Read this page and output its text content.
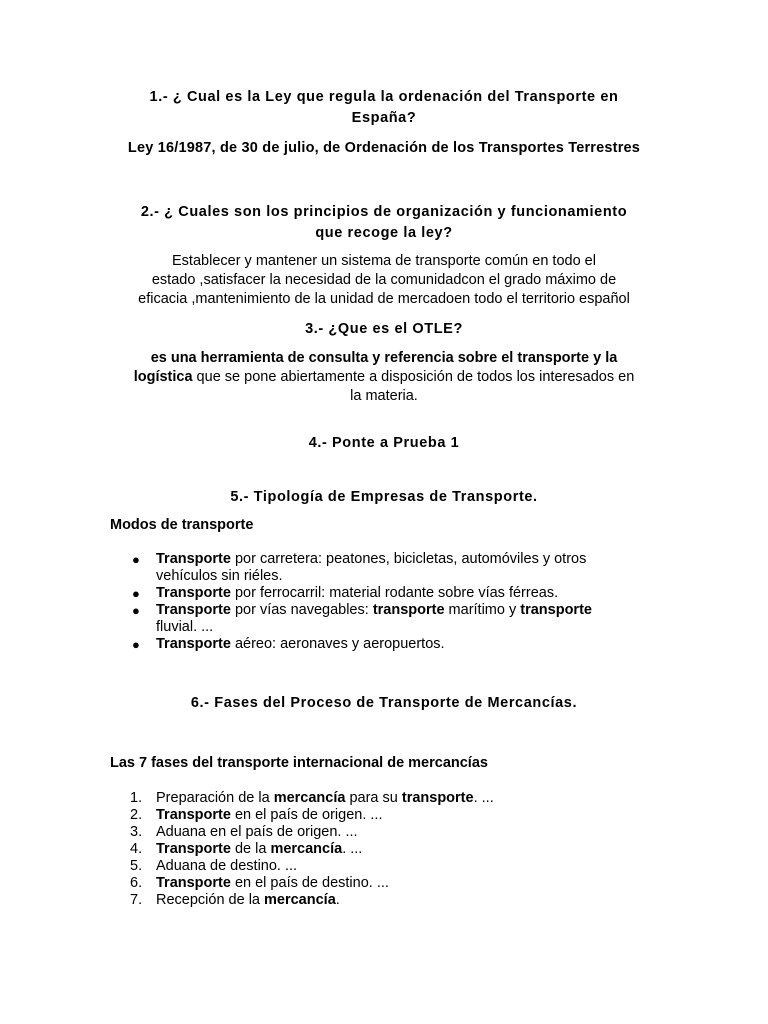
1.- ¿ Cual es la Ley que regula la ordenación del Transporte en
España?
Ley 16/1987, de 30 de julio, de Ordenación de los Transportes Terrestres
2.- ¿ Cuales son los principios de organización y funcionamiento
que recoge la ley?
Establecer y mantener un sistema de transporte común en todo el
estado ,satisfacer la necesidad de la comunidadcon el grado máximo de
eficacia ,mantenimiento de la unidad de mercadoen todo el territorio español
3.- ¿Que es el OTLE?
es una herramienta de consulta y referencia sobre el transporte y la
logística que se pone abiertamente a disposición de todos los interesados en
la materia.
4.- Ponte a Prueba 1
5.- Tipología de Empresas de Transporte.
Modos de transporte
● Transporte por carretera: peatones, bicicletas, automóviles y otros
vehículos sin riéles.
● Transporte por ferrocarril: material rodante sobre vías férreas.
● Transporte por vías navegables: transporte marítimo y transporte
fluvial. ...
● Transporte aéreo: aeronaves y aeropuertos.
6.- Fases del Proceso de Transporte de Mercancías.
Las 7 fases del transporte internacional de mercancías
1. Preparación de la mercancía para su transporte. ...
2. Transporte en el país de origen. ...
3. Aduana en el país de origen. ...
4. Transporte de la mercancía. ...
5. Aduana de destino. ...
6. Transporte en el país de destino. ...
7. Recepción de la mercancía.
